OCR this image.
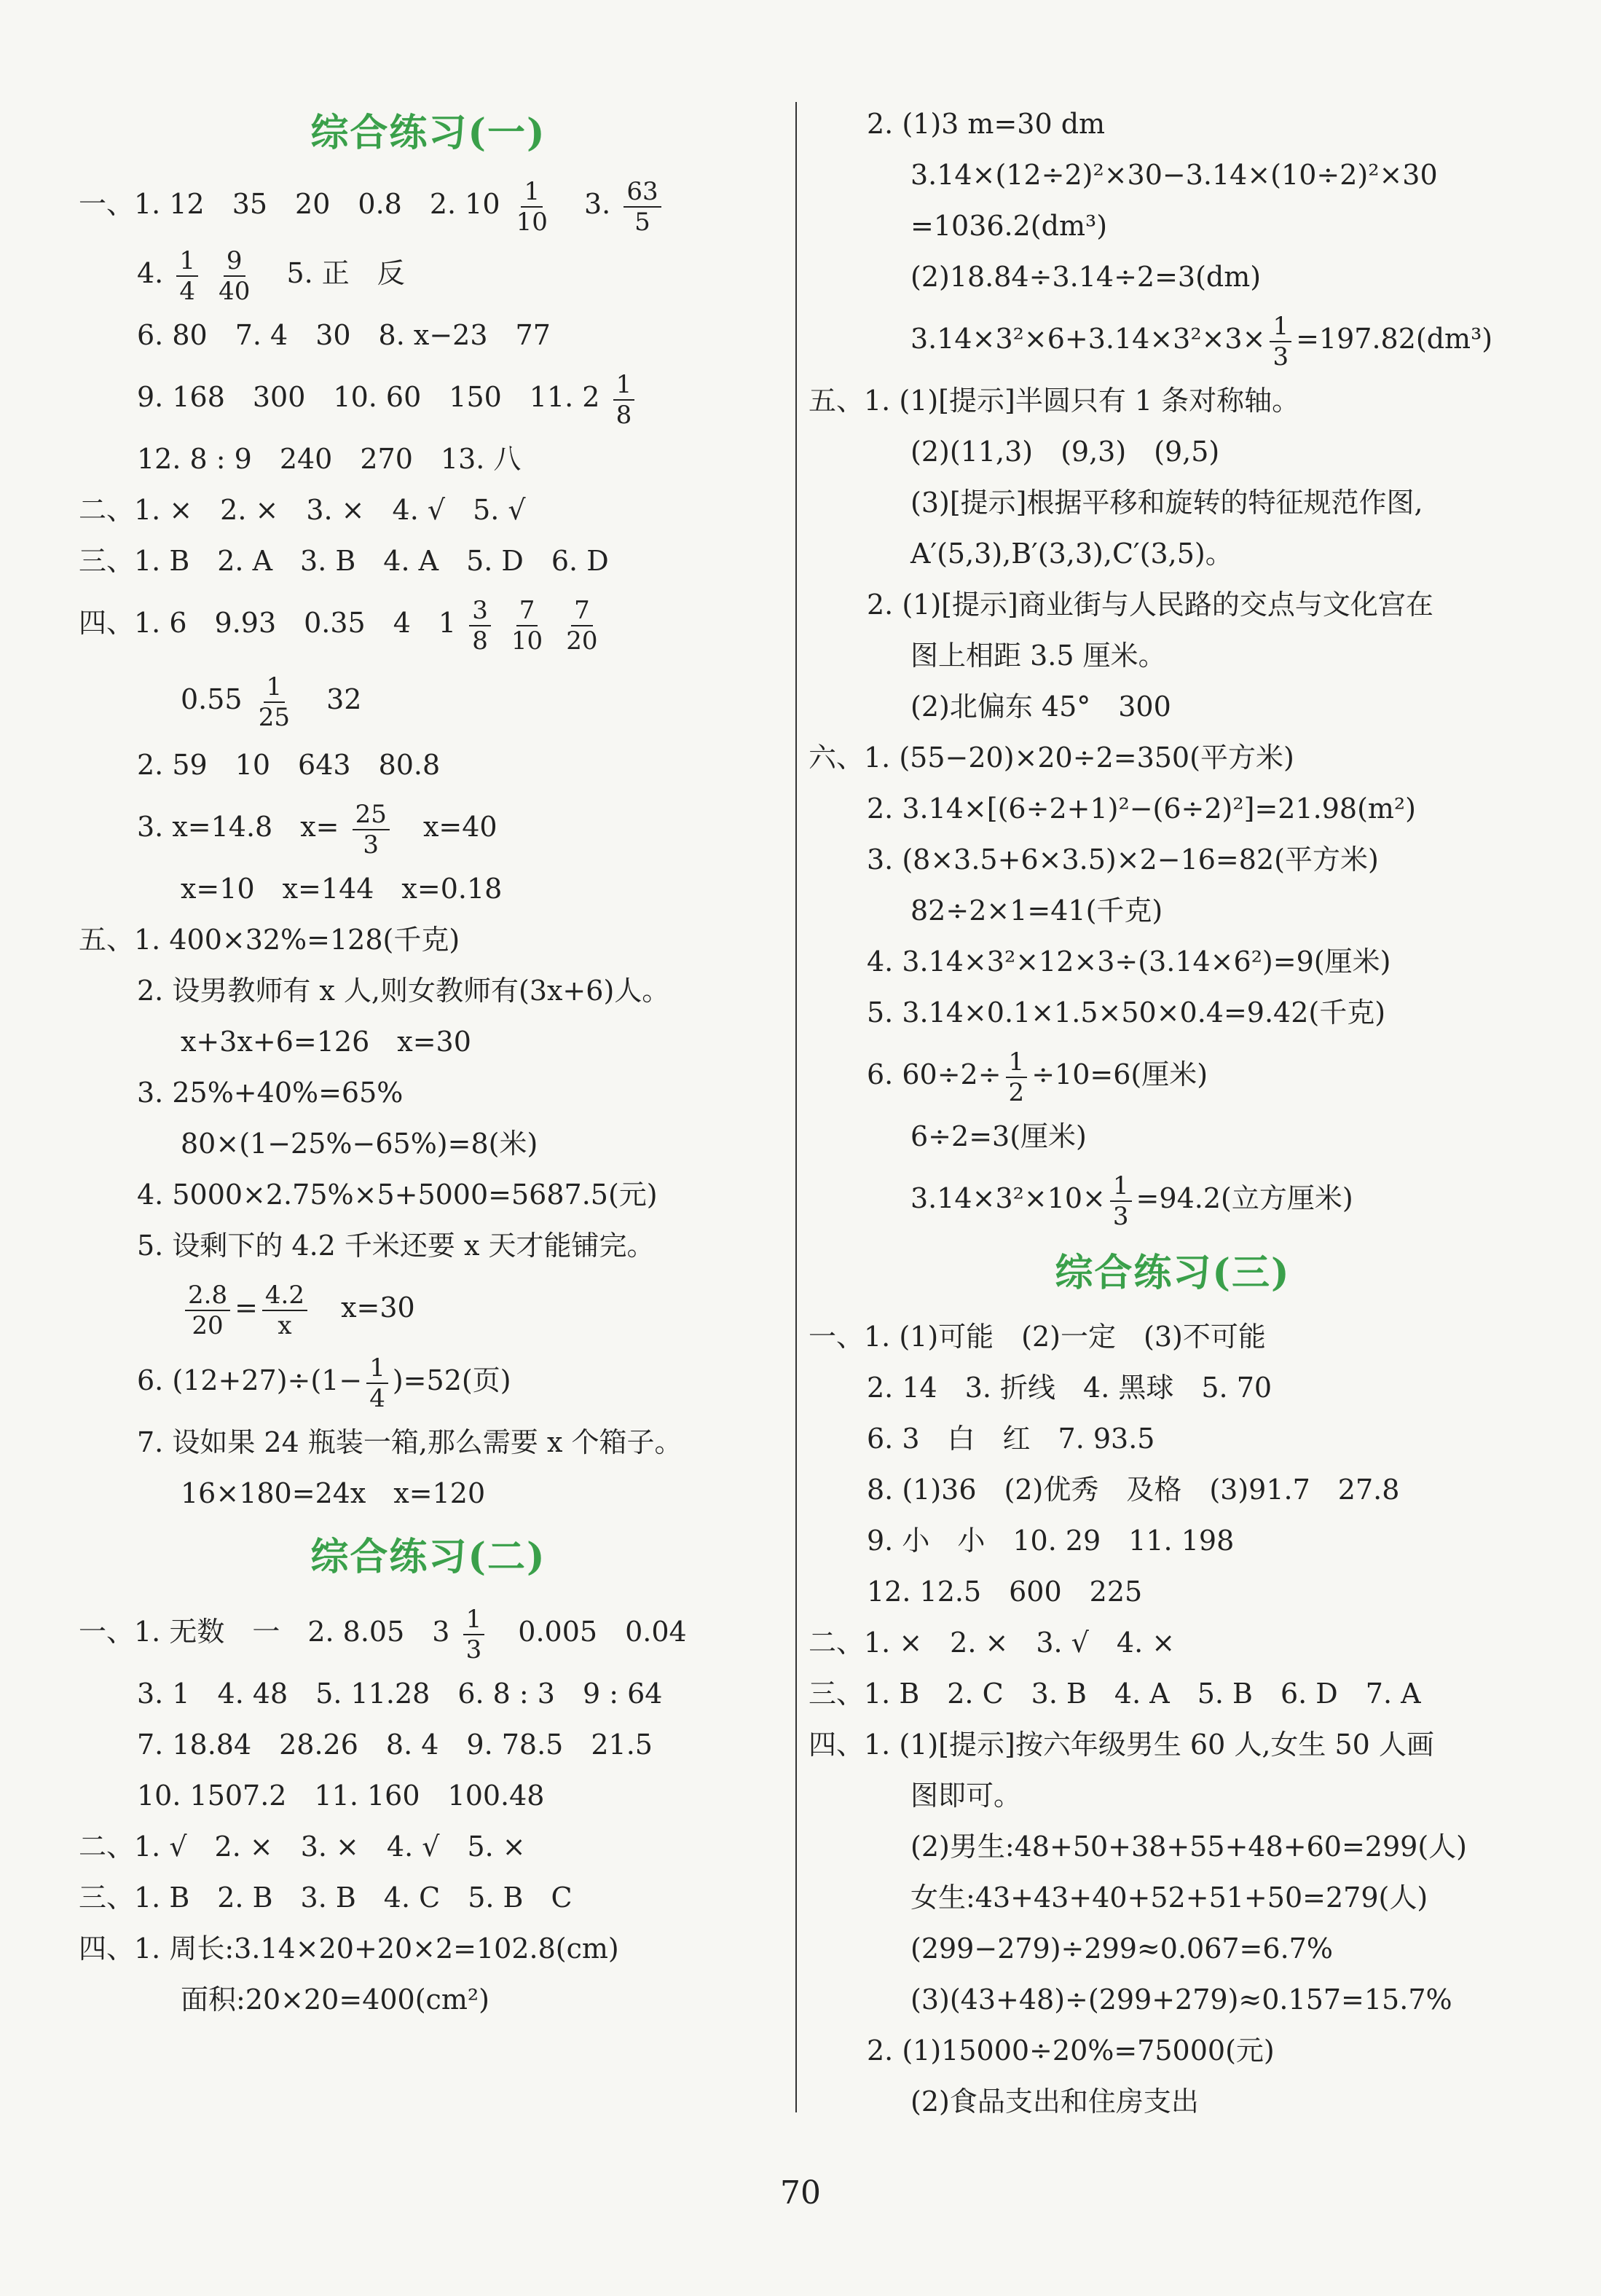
综合练习(一)
一、1. 12　35　20　0.8　2. $10 \frac{1}{10} 3$. $\frac{63}{5}$
4. $\frac{1}{4}$
$\frac{9}{40} 5$. 正　反
6. 80　7. 4　30　8. x−23　77
9. 168　300　10. 60　150　11. $2 \frac{1}{8}$
12. 8 : 9　240　270　13. 八
二、1. ×　2. ×　3. ×　4. √　5. √
三、1. B　2. A　3. B　4. A　5. D　6. D
四、1. 6　9.93　0.35　4　$1 \frac{3}{8}$
$\frac{7}{10}$
$\frac{7}{20}$
$0.55 \frac{1}{25} 32$
2. 59　10　643　80.8
3. x=14.8　$x= \frac{25}{3} x=40$
x=10　x=144　x=0.18
五、1. 400×32%=128(千克)
2. 设男教师有 x 人,则女教师有(3x+6)人。
x+3x+6=126　x=30
3. 25%+40%=65%
80×(1−25%−65%)=8(米)
4. 5000×2.75%×5+5000=5687.5(元)
5. 设剩下的 4.2 千米还要 x 天才能铺完。
$\frac{2.8}{20} = \frac{4.2}{x} x=30$
6. $(12+27)\div(1- \frac{1}{4} )=52$(页)
7. 设如果 24 瓶装一箱,那么需要 x 个箱子。
16×180=24x　x=120
综合练习(二)
一、1. 无数　一　2. 8.05　$3 \frac{1}{3} 0.005$　0.04
3. 1　4. 48　5. 11.28　6. 8 : 3　9 : 64
7. 18.84　28.26　8. 4　9. 78.5　21.5
10. 1507.2　11. 160　100.48
二、1. √　2. ×　3. ×　4. √　5. ×
三、1. B　2. B　3. B　4. C　5. B　C
四、1. 周长:3.14×20+20×2=102.8(cm)
面积:20×20=400(cm²)
2. (1)3 m=30 dm
3.14×(12÷2)²×30−3.14×(10÷2)²×30
=1036.2(dm³)
(2)18.84÷3.14÷2=3(dm)
$3.14\times 3^2\times 6+3.14\times 3^2\times 3\times \frac{1}{3} =197.82(dm^3)$
五、1. (1)[提示]半圆只有 1 条对称轴。
(2)(11,3)　(9,3)　(9,5)
(3)[提示]根据平移和旋转的特征规范作图,
A′(5,3),B′(3,3),C′(3,5)。
2. (1)[提示]商业街与人民路的交点与文化宫在
图上相距 3.5 厘米。
(2)北偏东 45°　300
六、1. (55−20)×20÷2=350(平方米)
2. 3.14×[(6÷2+1)²−(6÷2)²]=21.98(m²)
3. (8×3.5+6×3.5)×2−16=82(平方米)
82÷2×1=41(千克)
4. 3.14×3²×12×3÷(3.14×6²)=9(厘米)
5. 3.14×0.1×1.5×50×0.4=9.42(千克)
6. $60\div 2\div \frac{1}{2} \div 10=6$(厘米)
6÷2=3(厘米)
$3.14\times 3^2\times 10\times \frac{1}{3} =94.2$(立方厘米)
综合练习(三)
一、1. (1)可能　(2)一定　(3)不可能
2. 14　3. 折线　4. 黑球　5. 70
6. 3　白　红　7. 93.5
8. (1)36　(2)优秀　及格　(3)91.7　27.8
9. 小　小　10. 29　11. 198
12. 12.5　600　225
二、1. ×　2. ×　3. √　4. ×
三、1. B　2. C　3. B　4. A　5. B　6. D　7. A
四、1. (1)[提示]按六年级男生 60 人,女生 50 人画
图即可。
(2)男生:48+50+38+55+48+60=299(人)
女生:43+43+40+52+51+50=279(人)
(299−279)÷299≈0.067=6.7%
(3)(43+48)÷(299+279)≈0.157=15.7%
2. (1)15000÷20%=75000(元)
(2)食品支出和住房支出
70
